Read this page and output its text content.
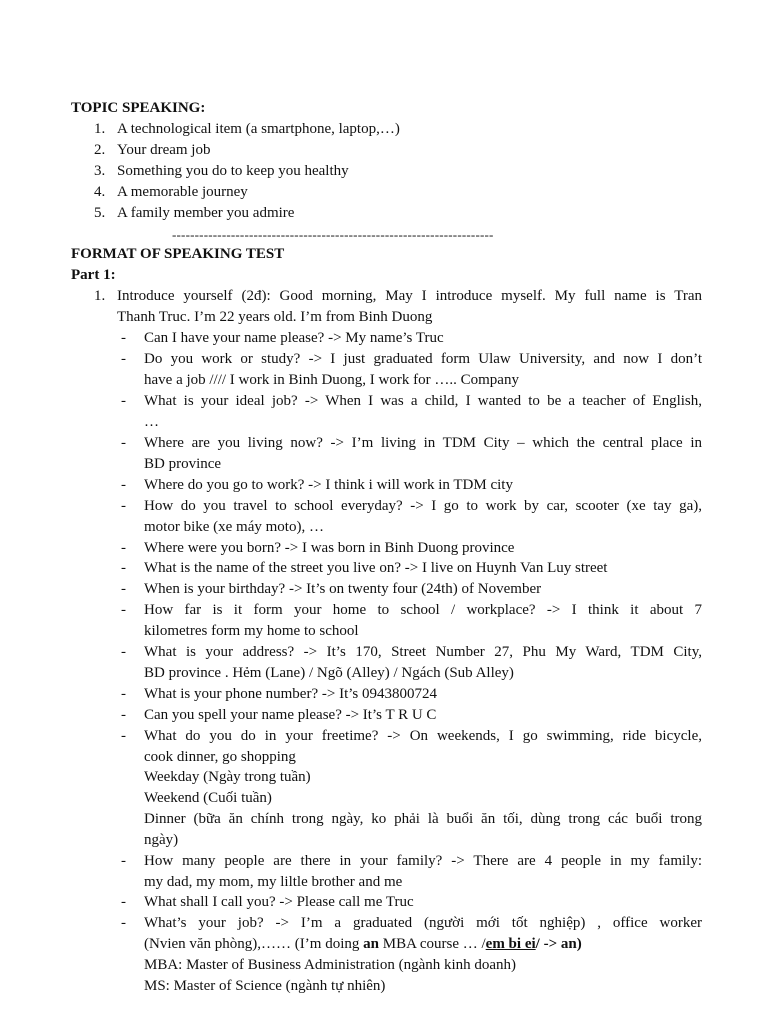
TOPIC SPEAKING:
1. A technological item (a smartphone, laptop,…)
2. Your dream job
3. Something you do to keep you healthy
4. A memorable journey
5. A family member you admire
-----------------------------------------------------------------------
FORMAT OF SPEAKING TEST
Part 1:
1. Introduce yourself (2đ): Good morning, May I introduce myself. My full name is Tran
Thanh Truc. I’m 22 years old. I’m from Binh Duong
- Can I have your name please? -> My name’s Truc
- Do you work or study? -> I just graduated form Ulaw University, and now I don’t
have a job //// I work in Binh Duong, I work for ….. Company
- What is your ideal job? -> When I was a child, I wanted to be a teacher of English,
…
- Where are you living now? -> I’m living in TDM City – which the central place in
BD province
- Where do you go to work? -> I think i will work in TDM city
- How do you travel to school everyday? -> I go to work by car, scooter (xe tay ga),
motor bike (xe máy moto), …
- Where were you born? -> I was born in Binh Duong province
- What is the name of the street you live on? -> I live on Huynh Van Luy street
- When is your birthday? -> It’s on twenty four (24th) of November
- How far is it form your home to school / workplace? -> I think it about 7
kilometres form my home to school
- What is your address? -> It’s 170, Street Number 27, Phu My Ward, TDM City,
BD province . Hẻm (Lane) / Ngõ (Alley) / Ngách (Sub Alley)
- What is your phone number? -> It’s 0943800724
- Can you spell your name please? -> It’s T R U C
- What do you do in your freetime? -> On weekends, I go swimming, ride bicycle,
cook dinner, go shopping
Weekday (Ngày trong tuần)
Weekend (Cuối tuần)
Dinner (bữa ăn chính trong ngày, ko phải là buổi ăn tối, dùng trong các buổi trong
ngày)
- How many people are there in your family? -> There are 4 people in my family:
my dad, my mom, my liltle brother and me
- What shall I call you? -> Please call me Truc
- What’s your job? -> I’m a graduated (người mới tốt nghiệp) , office worker
(Nvien văn phòng),…… (I’m doing an MBA course … /em bi ei/ -> an)
MBA: Master of Business Administration (ngành kinh doanh)
MS: Master of Science (ngành tự nhiên)
